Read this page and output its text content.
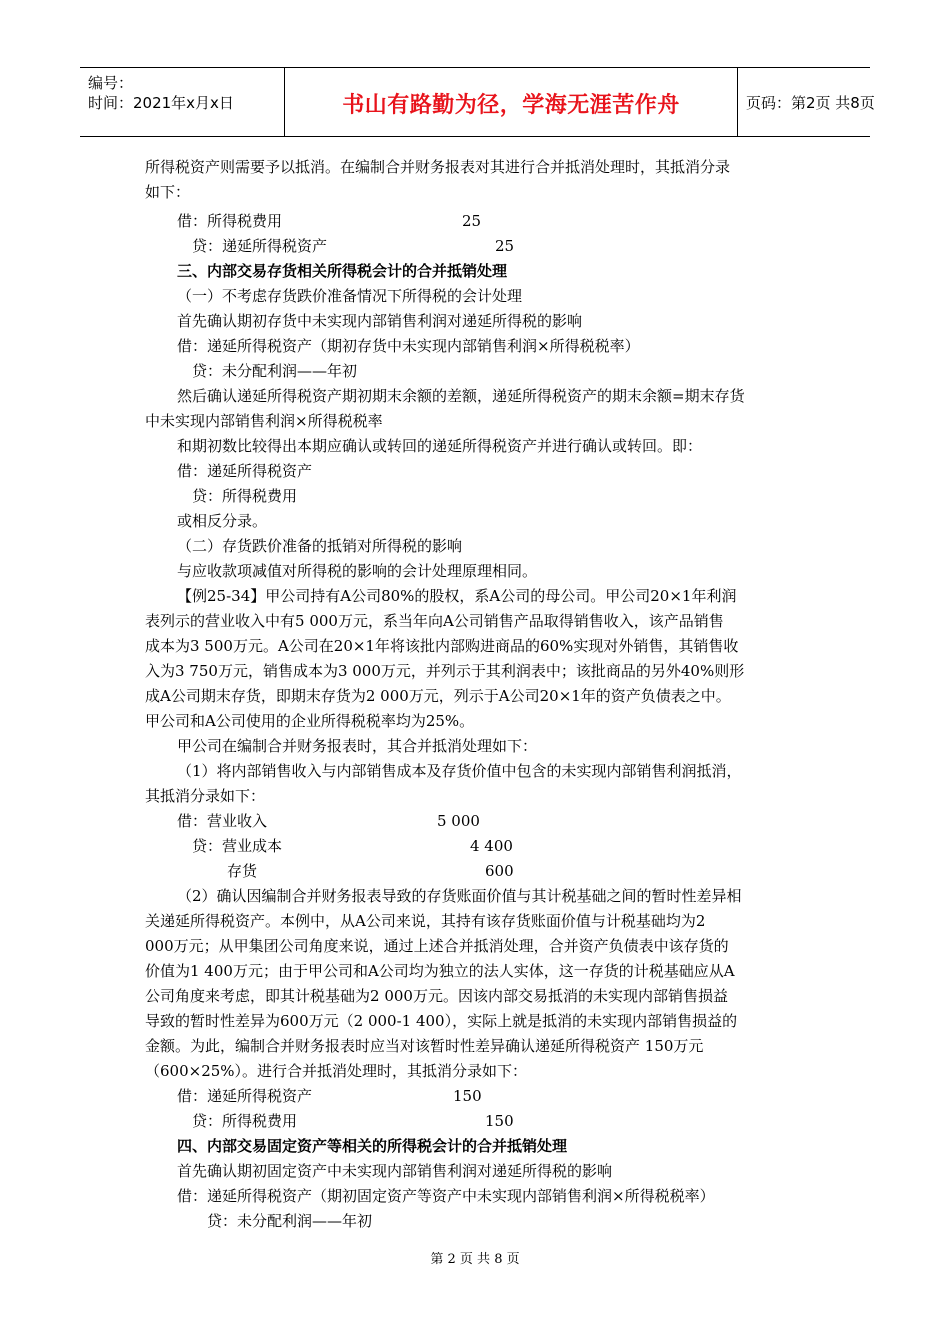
编号：
时间：2021年x月x日	书山有路勤为径，学海无涯苦作舟	页码：第2页 共8页
所得税资产则需要予以抵消。在编制合并财务报表对其进行合并抵消处理时，其抵消分录
如下：
借：所得税费用	25
贷：递延所得税资产	25
三、内部交易存货相关所得税会计的合并抵销处理
（一）不考虑存货跌价准备情况下所得税的会计处理
首先确认期初存货中未实现内部销售利润对递延所得税的影响
借：递延所得税资产（期初存货中未实现内部销售利润×所得税税率）
贷：未分配利润——年初
然后确认递延所得税资产期初期末余额的差额，递延所得税资产的期末余额=期末存货
中未实现内部销售利润×所得税税率
和期初数比较得出本期应确认或转回的递延所得税资产并进行确认或转回。即：
借：递延所得税资产
贷：所得税费用
或相反分录。
（二）存货跌价准备的抵销对所得税的影响
与应收款项减值对所得税的影响的会计处理原理相同。
【例25-34】甲公司持有A公司80%的股权，系A公司的母公司。甲公司20×1年利润
表列示的营业收入中有5 000万元，系当年向A公司销售产品取得销售收入，该产品销售
成本为3 500万元。A公司在20×1年将该批内部购进商品的60%实现对外销售，其销售收
入为3 750万元，销售成本为3 000万元，并列示于其利润表中；该批商品的另外40%则形
成A公司期末存货，即期末存货为2 000万元，列示于A公司20×1年的资产负债表之中。
甲公司和A公司使用的企业所得税税率均为25%。
甲公司在编制合并财务报表时，其合并抵消处理如下：
（1）将内部销售收入与内部销售成本及存货价值中包含的未实现内部销售利润抵消，
其抵消分录如下：
借：营业收入	5 000
贷：营业成本	4 400
存货	600
（2）确认因编制合并财务报表导致的存货账面价值与其计税基础之间的暂时性差异相
关递延所得税资产。本例中，从A公司来说，其持有该存货账面价值与计税基础均为2
000万元；从甲集团公司角度来说，通过上述合并抵消处理，合并资产负债表中该存货的
价值为1 400万元；由于甲公司和A公司均为独立的法人实体，这一存货的计税基础应从A
公司角度来考虑，即其计税基础为2 000万元。因该内部交易抵消的未实现内部销售损益
导致的暂时性差异为600万元（2 000-1 400），实际上就是抵消的未实现内部销售损益的
金额。为此，编制合并财务报表时应当对该暂时性差异确认递延所得税资产 150万元
（600×25%）。进行合并抵消处理时，其抵消分录如下：
借：递延所得税资产	150
贷：所得税费用	150
四、内部交易固定资产等相关的所得税会计的合并抵销处理
首先确认期初固定资产中未实现内部销售利润对递延所得税的影响
借：递延所得税资产（期初固定资产等资产中未实现内部销售利润×所得税税率）
贷：未分配利润——年初
第 2 页 共 8 页
